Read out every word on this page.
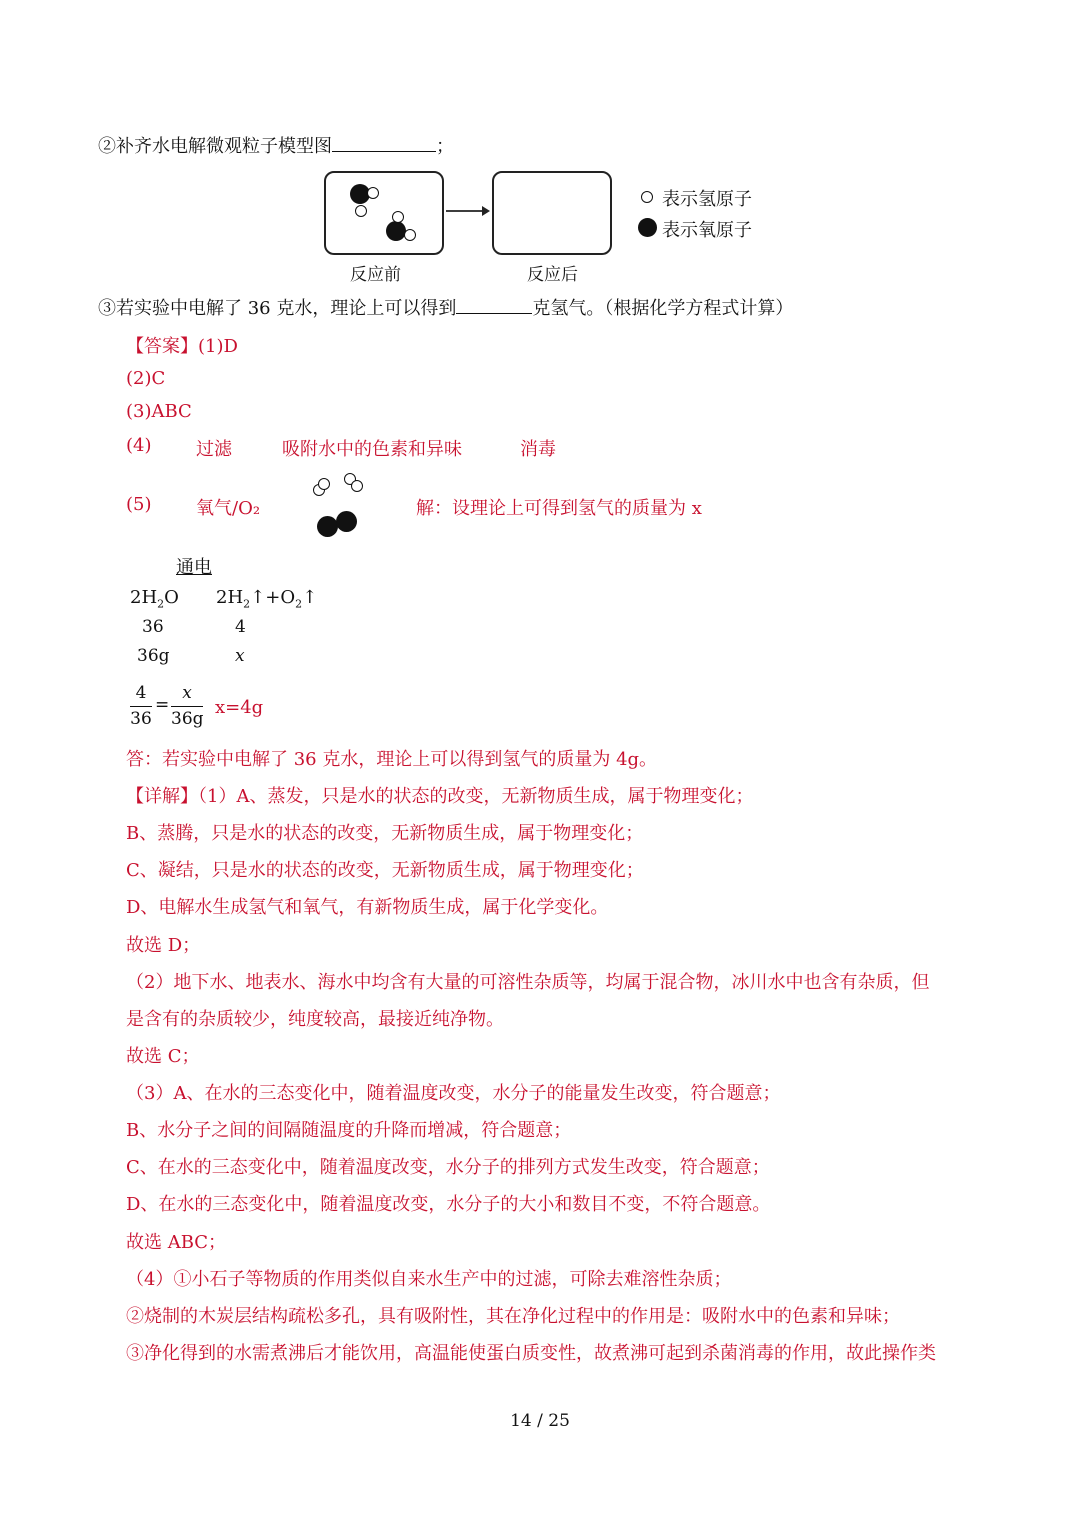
②补齐水电解微观粒子模型图	；
反应前	反应后
表示氢原子
表示氧原子
③若实验中电解了 36 克水，理论上可以得到	克氢气。（根据化学方程式计算）
【答案】(1)D
(2)C
(3)ABC
(4) 过滤	吸附水中的色素和异味	消毒
(5) 氧气/O₂	解：设理论上可得到氢气的质量为 x
通电
$2H_2O$ $2H_2↑+O_2↑$
36	4
36g	x
4
36
=
x
36g
x=4g
答：若实验中电解了 36 克水，理论上可以得到氢气的质量为 4g。
【详解】（1）A、蒸发，只是水的状态的改变，无新物质生成，属于物理变化；
B、蒸腾，只是水的状态的改变，无新物质生成，属于物理变化；
C、凝结，只是水的状态的改变，无新物质生成，属于物理变化；
D、电解水生成氢气和氧气，有新物质生成，属于化学变化。
故选 D；
（2）地下水、地表水、海水中均含有大量的可溶性杂质等，均属于混合物，冰川水中也含有杂质，但
是含有的杂质较少，纯度较高，最接近纯净物。
故选 C；
（3）A、在水的三态变化中，随着温度改变，水分子的能量发生改变，符合题意；
B、水分子之间的间隔随温度的升降而增减，符合题意；
C、在水的三态变化中，随着温度改变，水分子的排列方式发生改变，符合题意；
D、在水的三态变化中，随着温度改变，水分子的大小和数目不变，不符合题意。
故选 ABC；
（4）①小石子等物质的作用类似自来水生产中的过滤，可除去难溶性杂质；
②烧制的木炭层结构疏松多孔，具有吸附性，其在净化过程中的作用是：吸附水中的色素和异味；
③净化得到的水需煮沸后才能饮用，高温能使蛋白质变性，故煮沸可起到杀菌消毒的作用，故此操作类
14 / 25
